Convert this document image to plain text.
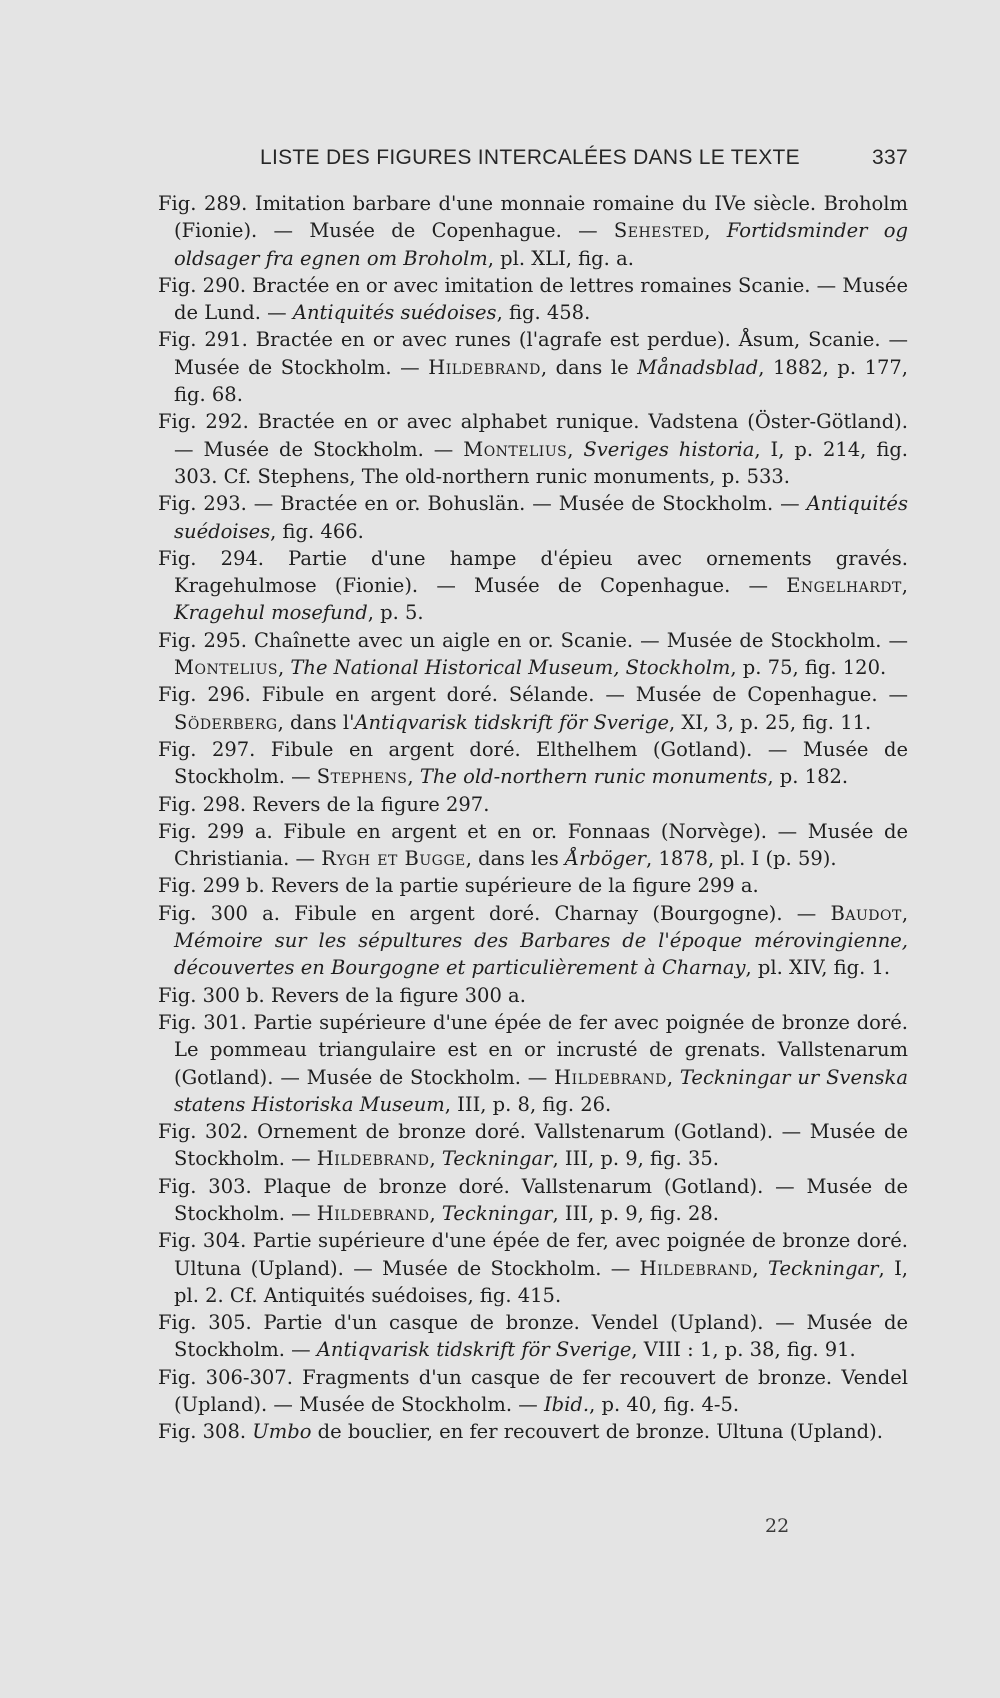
LISTE DES FIGURES INTERCALÉES DANS LE TEXTE	337

Fig. 289. Imitation barbare d'une monnaie romaine du IVe siècle. Broholm (Fionie). — Musée de Copenhague. — Sehested, Fortidsminder og oldsager fra egnen om Broholm, pl. XLI, fig. a.

Fig. 290. Bractée en or avec imitation de lettres romaines Scanie. — Musée de Lund. — Antiquités suédoises, fig. 458.

Fig. 291. Bractée en or avec runes (l'agrafe est perdue). Åsum, Scanie. — Musée de Stockholm. — Hildebrand, dans le Månadsblad, 1882, p. 177, fig. 68.

Fig. 292. Bractée en or avec alphabet runique. Vadstena (Öster-Götland). — Musée de Stockholm. — Montelius, Sveriges historia, I, p. 214, fig. 303. Cf. Stephens, The old-northern runic monuments, p. 533.

Fig. 293. — Bractée en or. Bohuslän. — Musée de Stockholm. — Antiquités suédoises, fig. 466.

Fig. 294. Partie d'une hampe d'épieu avec ornements gravés. Kragehulmose (Fionie). — Musée de Copenhague. — Engelhardt, Kragehul mosefund, p. 5.

Fig. 295. Chaînette avec un aigle en or. Scanie. — Musée de Stockholm. — Montelius, The National Historical Museum, Stockholm, p. 75, fig. 120.

Fig. 296. Fibule en argent doré. Sélande. — Musée de Copenhague. — Söderberg, dans l'Antiqvarisk tidskrift för Sverige, XI, 3, p. 25, fig. 11.

Fig. 297. Fibule en argent doré. Elthelhem (Gotland). — Musée de Stockholm. — Stephens, The old-northern runic monuments, p. 182.

Fig. 298. Revers de la figure 297.

Fig. 299 a. Fibule en argent et en or. Fonnaas (Norvège). — Musée de Christiania. — Rygh et Bugge, dans les Årböger, 1878, pl. I (p. 59).

Fig. 299 b. Revers de la partie supérieure de la figure 299 a.

Fig. 300 a. Fibule en argent doré. Charnay (Bourgogne). — Baudot, Mémoire sur les sépultures des Barbares de l'époque mérovingienne, découvertes en Bourgogne et particulièrement à Charnay, pl. XIV, fig. 1.

Fig. 300 b. Revers de la figure 300 a.

Fig. 301. Partie supérieure d'une épée de fer avec poignée de bronze doré. Le pommeau triangulaire est en or incrusté de grenats. Vallstenarum (Gotland). — Musée de Stockholm. — Hildebrand, Teckningar ur Svenska statens Historiska Museum, III, p. 8, fig. 26.

Fig. 302. Ornement de bronze doré. Vallstenarum (Gotland). — Musée de Stockholm. — Hildebrand, Teckningar, III, p. 9, fig. 35.

Fig. 303. Plaque de bronze doré. Vallstenarum (Gotland). — Musée de Stockholm. — Hildebrand, Teckningar, III, p. 9, fig. 28.

Fig. 304. Partie supérieure d'une épée de fer, avec poignée de bronze doré. Ultuna (Upland). — Musée de Stockholm. — Hildebrand, Teckningar, I, pl. 2. Cf. Antiquités suédoises, fig. 415.

Fig. 305. Partie d'un casque de bronze. Vendel (Upland). — Musée de Stockholm. — Antiqvarisk tidskrift för Sverige, VIII : 1, p. 38, fig. 91.

Fig. 306-307. Fragments d'un casque de fer recouvert de bronze. Vendel (Upland). — Musée de Stockholm. — Ibid., p. 40, fig. 4-5.

Fig. 308. Umbo de bouclier, en fer recouvert de bronze. Ultuna (Upland).

22
